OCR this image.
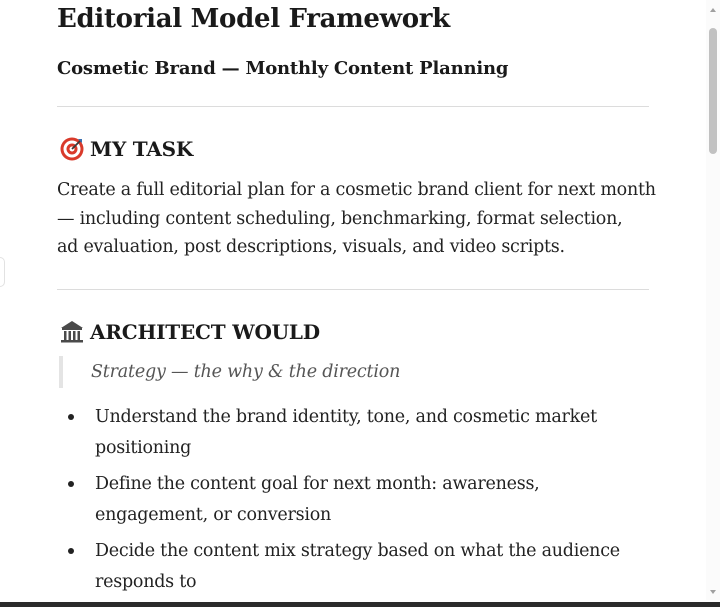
Editorial Model Framework
Cosmetic Brand — Monthly Content Planning
MY TASK

Create a full editorial plan for a cosmetic brand client for next month
— including content scheduling, benchmarking, format selection,
ad evaluation, post descriptions, visuals, and video scripts.

ARCHITECT WOULD
Strategy — the why & the direction
Understand the brand identity, tone, and cosmetic market positioning
Define the content goal for next month: awareness, engagement, or conversion
Decide the content mix strategy based on what the audience responds to
